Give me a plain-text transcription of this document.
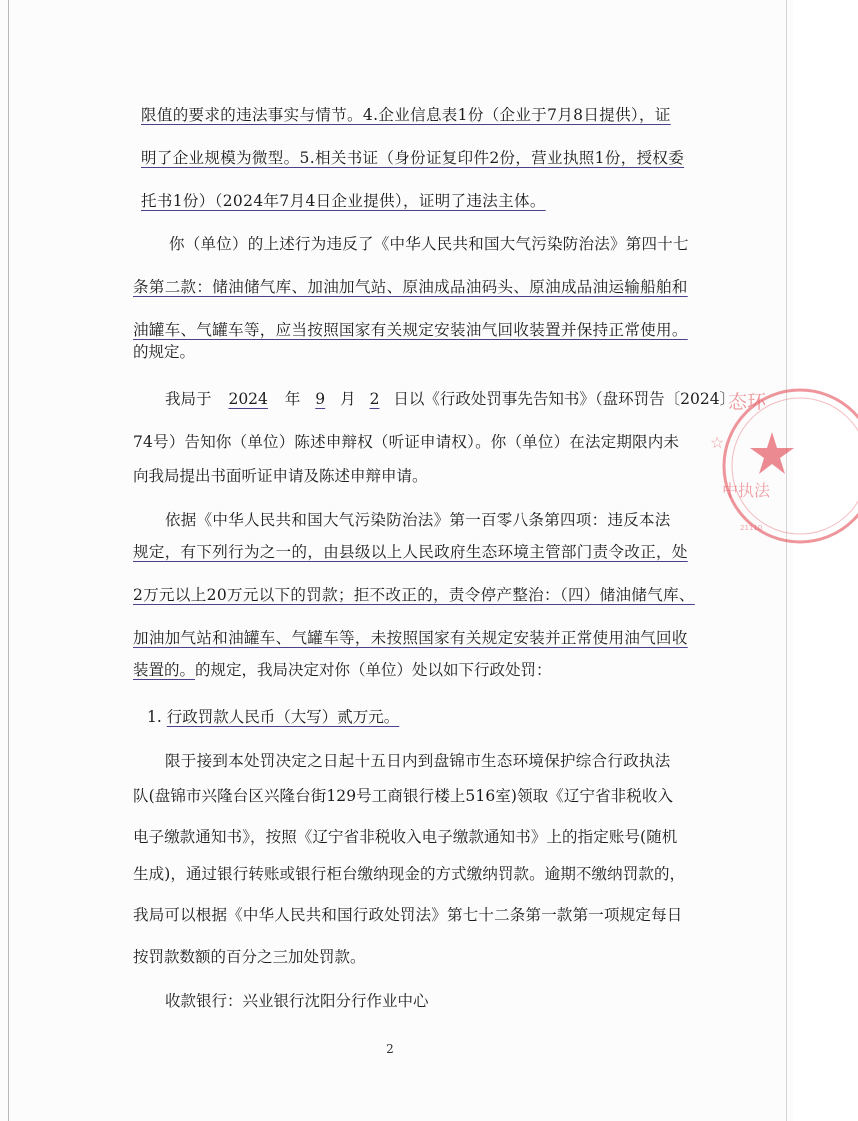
限值的要求的违法事实与情节。4.企业信息表1份（企业于7月8日提供），证
明了企业规模为微型。5.相关书证（身份证复印件2份，营业执照1份，授权委
托书1份）（2024年7月4日企业提供），证明了违法主体。
你（单位）的上述行为违反了《中华人民共和国大气污染防治法》第四十七
条第二款：储油储气库、加油加气站、原油成品油码头、原油成品油运输船舶和
油罐车、气罐车等，应当按照国家有关规定安装油气回收装置并保持正常使用。
的规定。
我局于 2024 年 9 月 2 日以《行政处罚事先告知书》（盘环罚告〔2024〕
74号）告知你（单位）陈述申辩权（听证申请权）。你（单位）在法定期限内未
向我局提出书面听证申请及陈述申辩申请。
依据《中华人民共和国大气污染防治法》第一百零八条第四项：违反本法
规定，有下列行为之一的，由县级以上人民政府生态环境主管部门责令改正，处
2万元以上20万元以下的罚款；拒不改正的，责令停产整治：（四）储油储气库、
加油加气站和油罐车、气罐车等，未按照国家有关规定安装并正常使用油气回收
装置的。的规定，我局决定对你（单位）处以如下行政处罚：
1. 行政罚款人民币（大写）贰万元。
限于接到本处罚决定之日起十五日内到盘锦市生态环境保护综合行政执法
队(盘锦市兴隆台区兴隆台街129号工商银行楼上516室)领取《辽宁省非税收入
电子缴款通知书》，按照《辽宁省非税收入电子缴款通知书》上的指定账号(随机
生成)，通过银行转账或银行柜台缴纳现金的方式缴纳罚款。逾期不缴纳罚款的，
我局可以根据《中华人民共和国行政处罚法》第七十二条第一款第一项规定每日
按罚款数额的百分之三加处罚款。
收款银行：兴业银行沈阳分行作业中心
2
态环
中执法
☆
21110
